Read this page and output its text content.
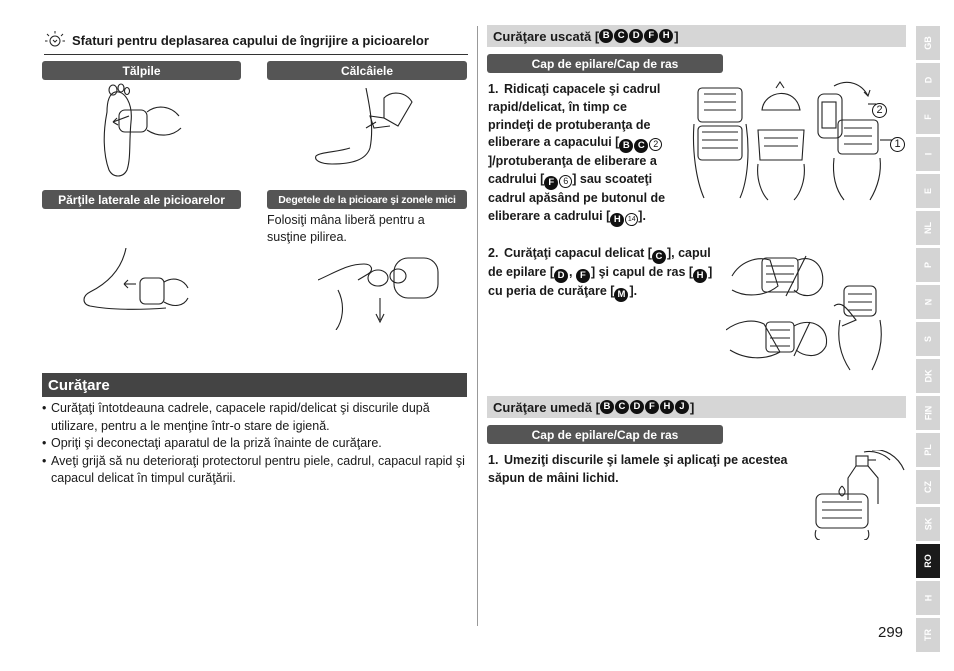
Sfaturi pentru deplasarea capului de îngrijire a picioarelor
Tălpile	Călcâiele
Părţile laterale ale picioarelor	Degetele de la picioare şi zonele mici
Folosiţi mâna liberă pentru a susţine pilirea.
Curăţare
• Curăţaţi întotdeauna cadrele, capacele rapid/delicat şi discurile după utilizare, pentru a le menţine într-o stare de igienă.
• Opriţi şi deconectaţi aparatul de la priză înainte de curăţare.
• Aveţi grijă să nu deterioraţi protectorul pentru piele, cadrul, capacul rapid şi capacul delicat în timpul curăţării.
Curăţare uscată [ B C D F H ]
Cap de epilare/Cap de ras
1. Ridicaţi capacele şi cadrul rapid/delicat, în timp ce prindeţi de protuberanţa de eliberare a capacului [ B C 2]/protuberanţa de eliberare a cadrului [ F 6 ] sau scoateţi cadrul apăsând pe butonul de eliberare a cadrului [ H 14 ].
2
1
2. Curăţaţi capacul delicat [ C ], capul de epilare [ D , F ] şi capul de ras [ H ] cu peria de curăţare [ M ].
Curăţare umedă [ B C D F H J ]
Cap de epilare/Cap de ras
1. Umeziţi discurile şi lamele şi aplicaţi pe acestea săpun de mâini lichid.
GB
D
F
I
E
NL
P
N
S
DK
FIN
PL
CZ
SK
RO
H
TR
299
